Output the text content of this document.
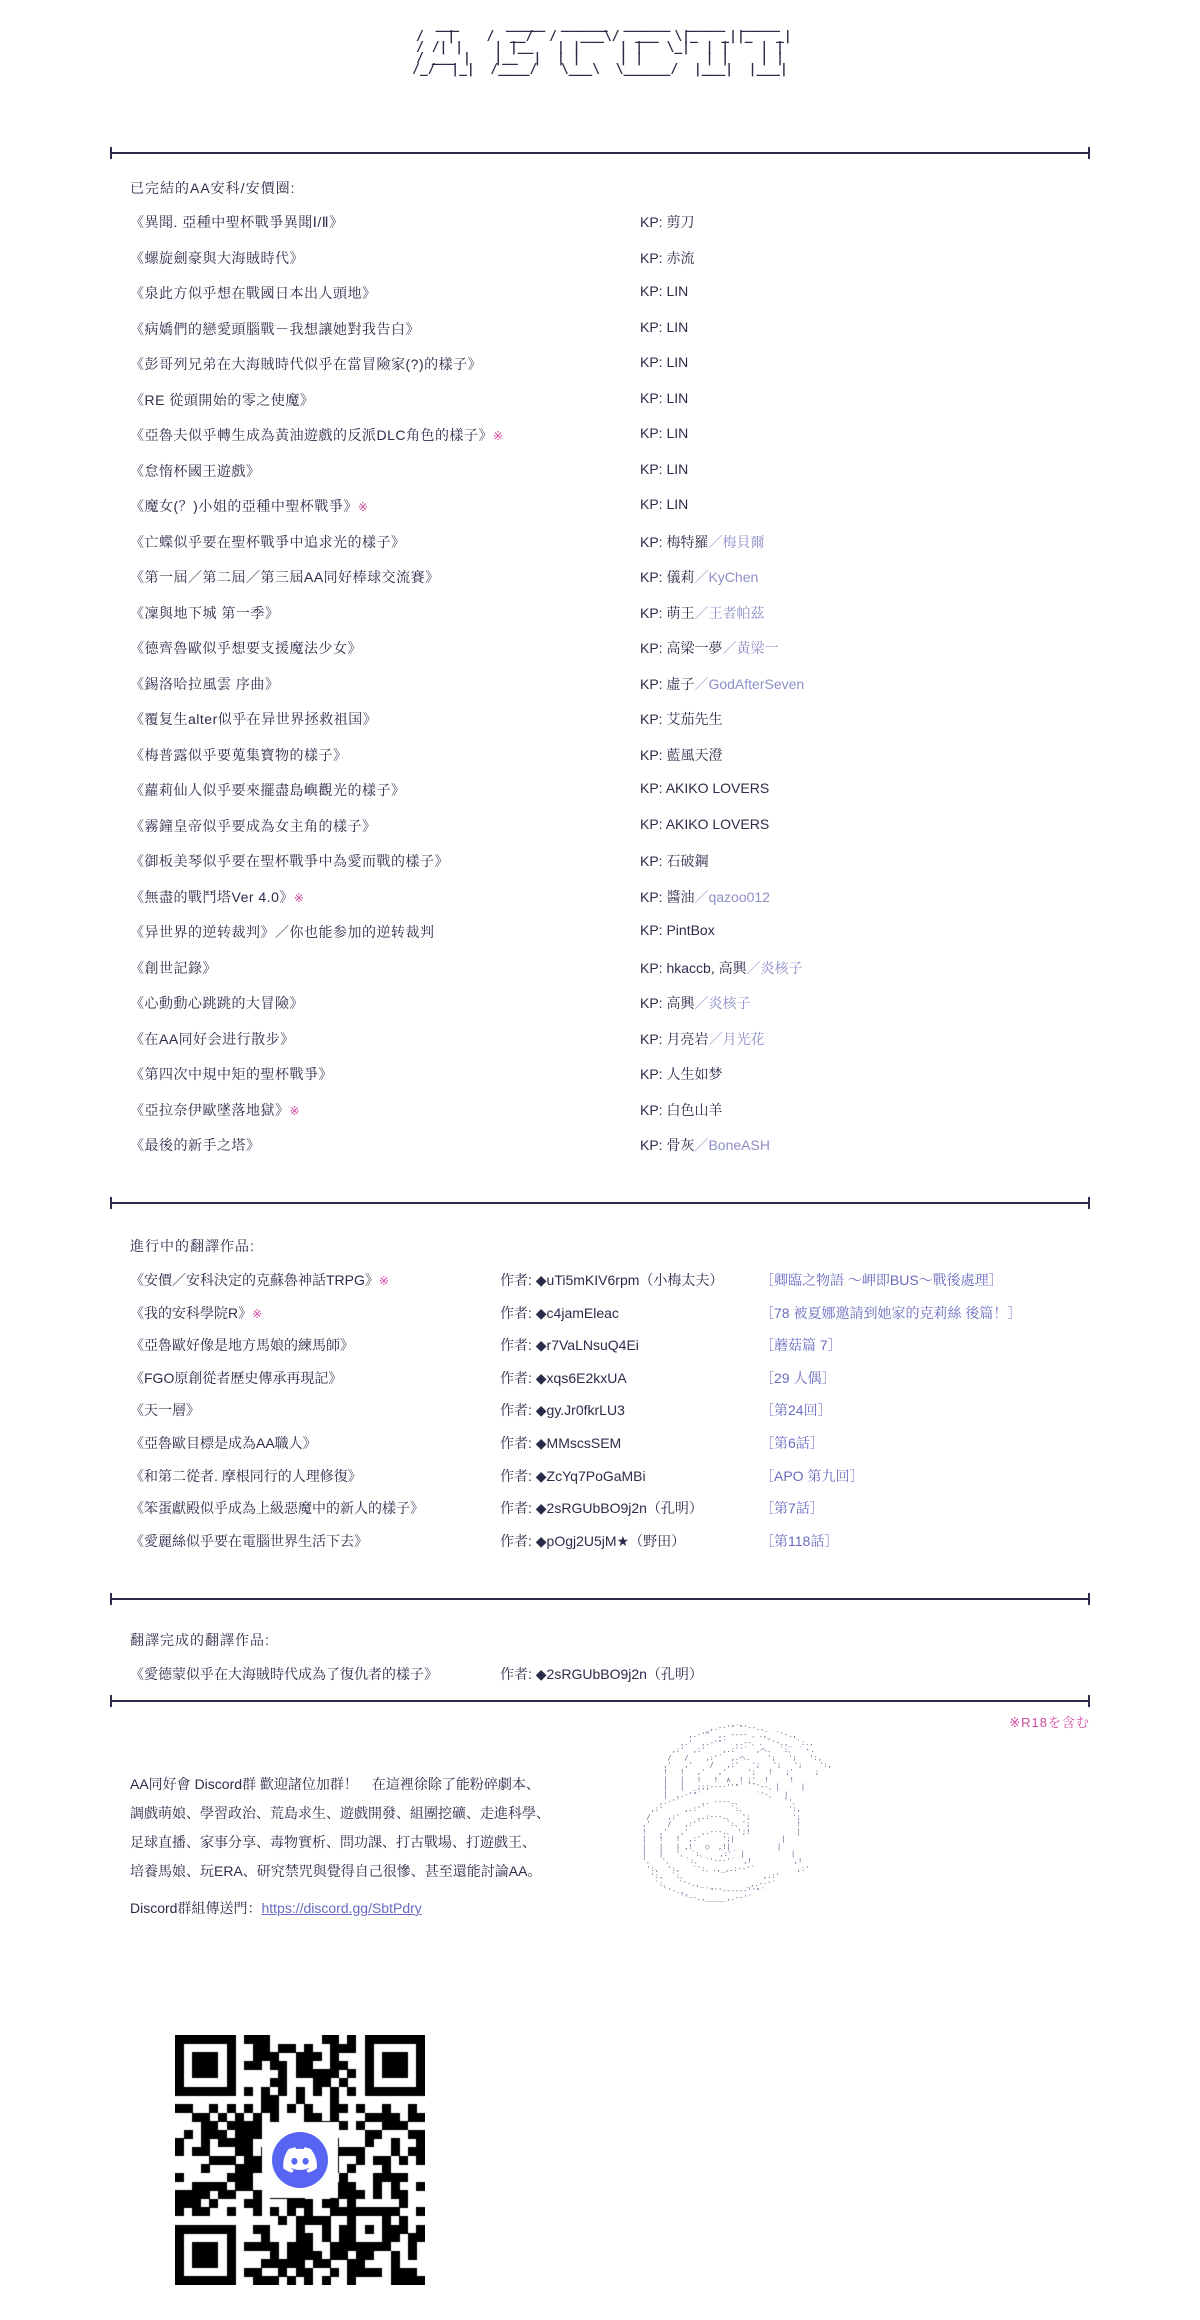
___      _____  ______  ______  _____  _____
/   |    /  __/  /   ___\/  ___  \|_   _||_   _|
/ /| |    | |__   | |     | |   \_|  | |    | |
/ ___ |   |__  |  | |     | |        | |    | |
/_/  |_|  /____/   \___\  \______/  |___|  |___|
已完結的AA安科/安價圈:
《異聞. 亞種中聖杯戰爭異聞Ⅰ/Ⅱ》	KP: 剪刀
《螺旋劍豪與大海賊時代》	KP: 赤流
《泉此方似乎想在戰國日本出人頭地》	KP: LIN
《病嬌們的戀愛頭腦戰－我想讓她對我告白》	KP: LIN
《彭哥列兄弟在大海賊時代似乎在當冒險家(?)的樣子》	KP: LIN
《RE 從頭開始的零之使魔》	KP: LIN
《亞魯夫似乎轉生成為黃油遊戲的反派DLC角色的樣子》※	KP: LIN
《怠惰杯國王遊戲》	KP: LIN
《魔女(？)小姐的亞種中聖杯戰爭》※	KP: LIN
《亡蝶似乎要在聖杯戰爭中追求光的樣子》	KP: 梅特羅／梅貝爾
《第一屆／第二屆／第三屆AA同好棒球交流賽》	KP: 儀莉／KyChen
《凜與地下城 第一季》	KP: 萌王／王者帕茲
《德齊魯歐似乎想要支援魔法少女》	KP: 高梁一夢／黃梁一
《錫洛哈拉風雲 序曲》	KP: 虛子／GodAfterSeven
《覆复生alter似乎在异世界拯救祖国》	KP: 艾茄先生
《梅普露似乎要蒐集寶物的樣子》	KP: 藍風天澄
《蘿莉仙人似乎要來擺盡島嶼觀光的樣子》	KP: AKIKO LOVERS
《霧鐘皇帝似乎要成為女主角的樣子》	KP: AKIKO LOVERS
《御板美琴似乎要在聖杯戰爭中為愛而戰的樣子》	KP: 石破鋼
《無盡的戰鬥塔Ver 4.0》※	KP: 醬油／qazoo012
《异世界的逆转裁判》／你也能参加的逆转裁判	KP: PintBox
《創世記錄》	KP: hkaccb, 高興／炎核子
《心動動心跳跳的大冒險》	KP: 高興／炎核子
《在AA同好会进行散步》	KP: 月亮岩／月光花
《第四次中規中矩的聖杯戰爭》	KP: 人生如梦
《亞拉奈伊歐墜落地獄》※	KP: 白色山羊
《最後的新手之塔》	KP: 骨灰／BoneASH
進行中的翻譯作品:
《安價／安科決定的克蘇魯神話TRPG》※	作者: ◆uTi5mKIV6rpm（小梅太夫）	［卿臨之物語 ～岬即BUS～戰後處理］
《我的安科學院R》※	作者: ◆c4jamEleac	［78 被夏娜邀請到她家的克莉絲 後篇！］
《亞魯歐好像是地方馬娘的練馬師》	作者: ◆r7VaLNsuQ4Ei	［蘑菇篇 7］
《FGO原創從者歷史傳承再現記》	作者: ◆xqs6E2kxUA	［29 人偶］
《天一層》	作者: ◆gy.Jr0fkrLU3	［第24回］
《亞魯歐目標是成為AA職人》	作者: ◆MMscsSEM	［第6話］
《和第二從者. 摩根同行的人理修復》	作者: ◆ZcYq7PoGaMBi	［APO 第九回］
《笨蛋獻殿似乎成為上級惡魔中的新人的樣子》	作者: ◆2sRGUbBO9j2n（孔明）	［第7話］
《愛麗絲似乎要在電腦世界生活下去》	作者: ◆pOgj2U5jM★（野田）	［第118話］
翻譯完成的翻譯作品:
《愛德蒙似乎在大海賊時代成為了復仇者的樣子》	作者: ◆2sRGUbBO9j2n（孔明）
※R18を含む
AA同好會 Discord群 歡迎諸位加群！　在這裡徐除了能粉碎劇本、
調戲萌娘、學習政治、荒島求生、遊戲開發、組團挖礦、走進科學、
足球直播、家事分享、毒物實析、問功課、打古戰場、打遊戲王、
培養馬娘、玩ERA、研究禁咒與覺得自己很慘、甚至還能討論AA。
Discord群組傳送門：https://discord.gg/SbtPdry
_,.-‐'"´"'‐-.,_
,.-'"  ,. -‐‐- 、.,_ `'‐.,
,.'  ,.‐'"´  ,.--、. `'‐.,_ `:.,
,:'  ,:'    ,.:''´  ,ヘ.  `:、 `ヽ.
/   /    ,:'´  ,.ヘ.    ';   ';   ':,
,'   ,'    /   ,:'   ';   ';   ';    ':,
!   !   ,'   ,'     ';   !   ;'     ;
|   |   !   !  ∧  ! ;'  !     !
|   |  _;;;--‐‐''"´ ̄ ̄`'‐-、|     |
|  ,.‐'"´             `'‐、  |
,.‐'´     ,. -‐‐-.、          `'、
,:'     ,.:'´      `:、          ':,
/    ,:'    ,.:-‐-.、  ';          ';
,'    /   ,:'´      `:、';           !
!   ,'   ,'   ,.-‐-.、 ';!           |
|   !   !  ,:'     ';|           |
|   |   | ,!   ○  ,!|           |
|   |   '、 `:、   ,:'´ |           |
'、  '、   `:、 `'‐-‐'´  ,!          ,!
':,  ':,   `':、.,_,.:-‐'´          ,:'
':,  `:、                  ,.:'
`:、  `'‐.,_          _,.-‐'´
`'‐.,_    `"''‐‐--‐‐''"´
`'‐-.,_____,.-‐'´
